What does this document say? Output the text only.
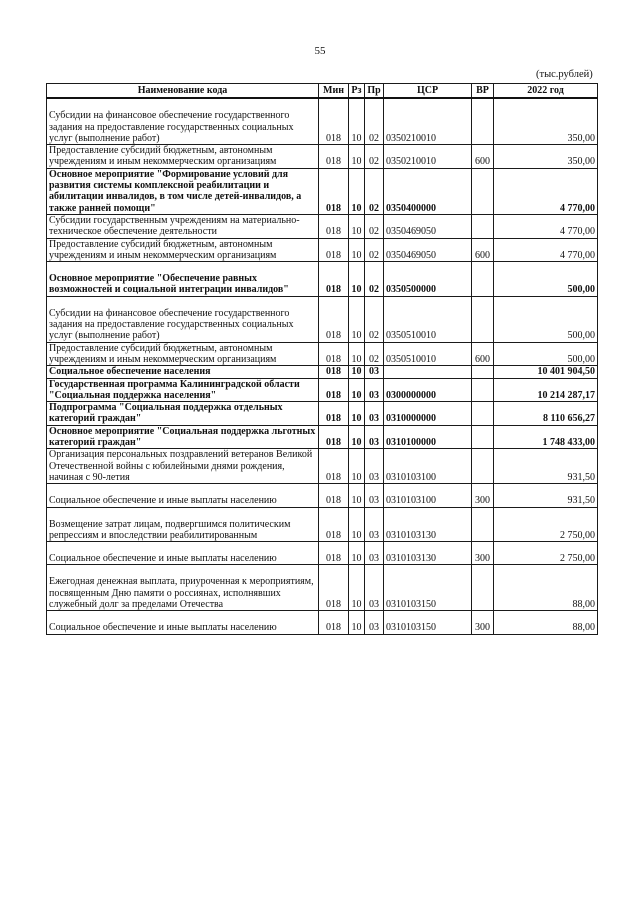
55
(тыс.рублей)
Наименование кода	Мин	Рз	Пр	ЦСР	ВР	2022 год

Субсидии на финансовое обеспечение государственного задания на предоставление государственных социальных услуг (выполнение работ)	018	10	02	0350210010		350,00
Предоставление субсидий бюджетным, автономным учреждениям и иным некоммерческим организациям	018	10	02	0350210010	600	350,00
Основное мероприятие "Формирование условий для развития системы комплексной реабилитации и абилитации инвалидов, в том числе детей-инвалидов, а также ранней помощи"	018	10	02	0350400000		4 770,00
Субсидии государственным учреждениям на материально-техническое обеспечение деятельности	018	10	02	0350469050		4 770,00
Предоставление субсидий бюджетным, автономным учреждениям и иным некоммерческим организациям	018	10	02	0350469050	600	4 770,00

Основное мероприятие "Обеспечение равных возможностей и социальной интеграции инвалидов"	018	10	02	0350500000		500,00

Субсидии на финансовое обеспечение государственного задания на предоставление государственных социальных услуг (выполнение работ)	018	10	02	0350510010		500,00
Предоставление субсидий бюджетным, автономным учреждениям и иным некоммерческим организациям	018	10	02	0350510010	600	500,00
Социальное обеспечение населения	018	10	03			10 401 904,50
Государственная программа Калининградской области "Социальная поддержка населения"	018	10	03	0300000000		10 214 287,17
Подпрограмма "Социальная поддержка отдельных категорий граждан"	018	10	03	0310000000		8 110 656,27
Основное мероприятие "Социальная поддержка льготных категорий граждан"	018	10	03	0310100000		1 748 433,00
Организация персональных поздравлений ветеранов Великой Отечественной войны с юбилейными днями рождения, начиная с 90-летия	018	10	03	0310103100		931,50

Социальное обеспечение и иные выплаты населению	018	10	03	0310103100	300	931,50

Возмещение затрат лицам, подвергшимся политическим репрессиям и впоследствии реабилитированным	018	10	03	0310103130		2 750,00

Социальное обеспечение и иные выплаты населению	018	10	03	0310103130	300	2 750,00

Ежегодная денежная выплата, приуроченная к мероприятиям, посвященным Дню памяти о россиянах, исполнявших служебный долг за пределами Отечества	018	10	03	0310103150		88,00

Социальное обеспечение и иные выплаты населению	018	10	03	0310103150	300	88,00
